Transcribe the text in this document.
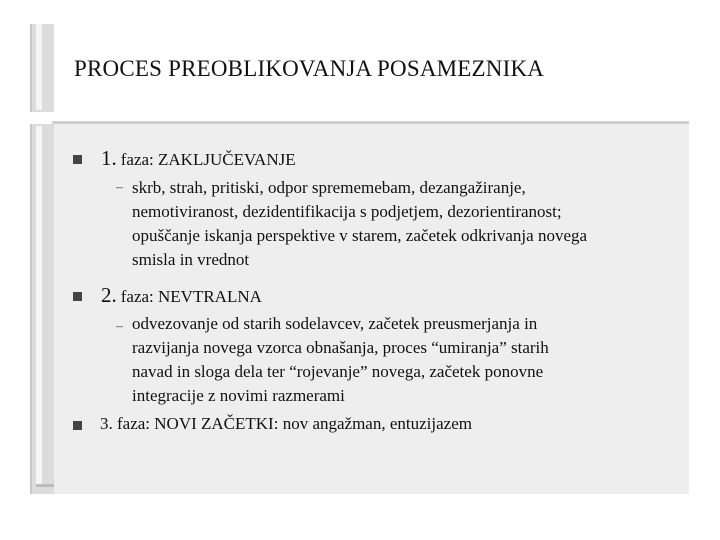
PROCES PREOBLIKOVANJA POSAMEZNIKA
1. faza: ZAKLJUČEVANJE
– skrb, strah, pritiski, odpor sprememebam, dezangažiranje,
nemotiviranost, dezidentifikacija s podjetjem, dezorientiranost;
opuščanje iskanja perspektive v starem, začetek odkrivanja novega
smisla in vrednot
2. faza: NEVTRALNA
– odvezovanje od starih sodelavcev, začetek preusmerjanja in
razvijanja novega vzorca obnašanja, proces “umiranja” starih
navad in sloga dela ter “rojevanje” novega, začetek ponovne
integracije z novimi razmerami
3. faza: NOVI ZAČETKI: nov angažman, entuzijazem
